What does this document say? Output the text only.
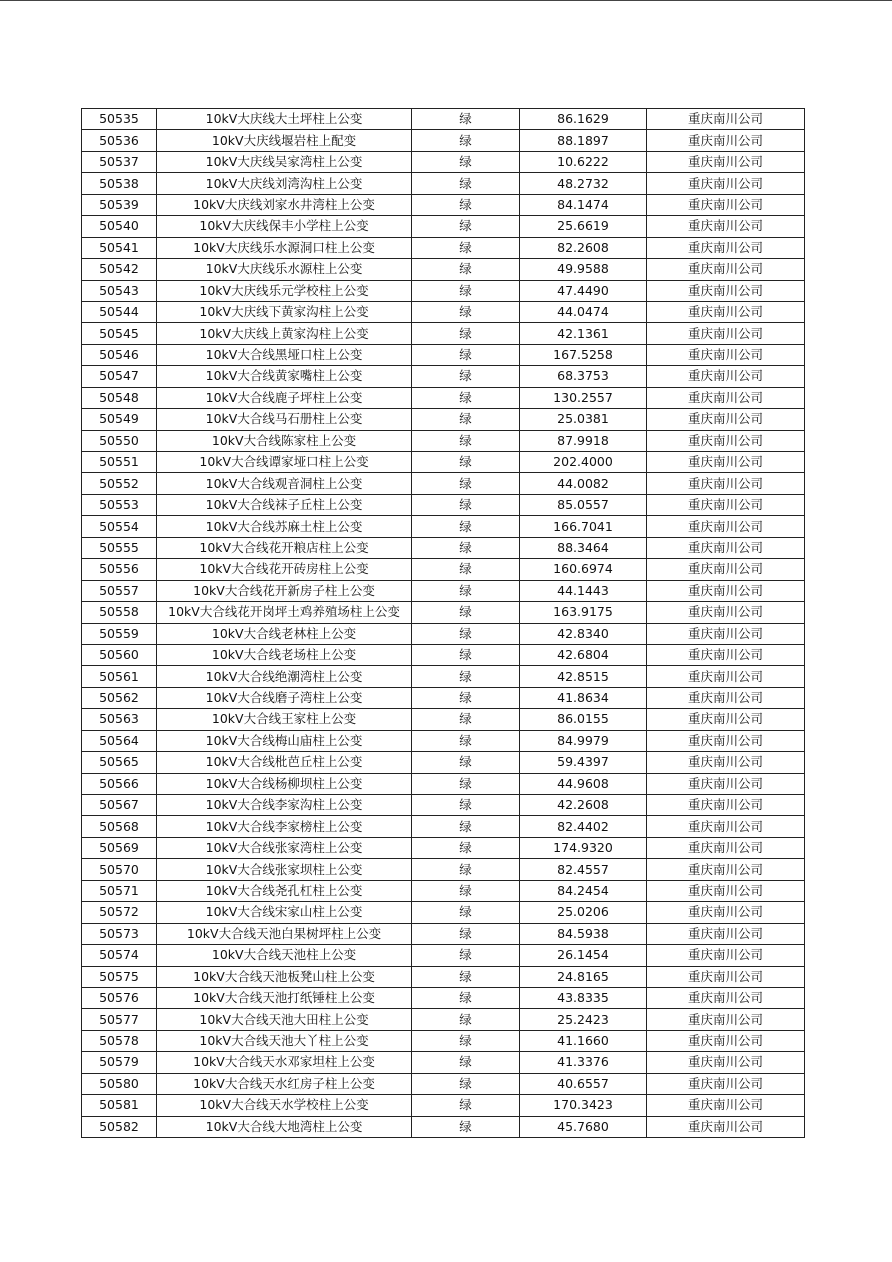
50535	10kV大庆线大土坪柱上公变	绿	86.1629	重庆南川公司
50536	10kV大庆线堰岩柱上配变	绿	88.1897	重庆南川公司
50537	10kV大庆线吴家湾柱上公变	绿	10.6222	重庆南川公司
50538	10kV大庆线刘湾沟柱上公变	绿	48.2732	重庆南川公司
50539	10kV大庆线刘家水井湾柱上公变	绿	84.1474	重庆南川公司
50540	10kV大庆线保丰小学柱上公变	绿	25.6619	重庆南川公司
50541	10kV大庆线乐水源洞口柱上公变	绿	82.2608	重庆南川公司
50542	10kV大庆线乐水源柱上公变	绿	49.9588	重庆南川公司
50543	10kV大庆线乐元学校柱上公变	绿	47.4490	重庆南川公司
50544	10kV大庆线下黄家沟柱上公变	绿	44.0474	重庆南川公司
50545	10kV大庆线上黄家沟柱上公变	绿	42.1361	重庆南川公司
50546	10kV大合线黑垭口柱上公变	绿	167.5258	重庆南川公司
50547	10kV大合线黄家嘴柱上公变	绿	68.3753	重庆南川公司
50548	10kV大合线鹿子坪柱上公变	绿	130.2557	重庆南川公司
50549	10kV大合线马石册柱上公变	绿	25.0381	重庆南川公司
50550	10kV大合线陈家柱上公变	绿	87.9918	重庆南川公司
50551	10kV大合线谭家垭口柱上公变	绿	202.4000	重庆南川公司
50552	10kV大合线观音洞柱上公变	绿	44.0082	重庆南川公司
50553	10kV大合线袜子丘柱上公变	绿	85.0557	重庆南川公司
50554	10kV大合线苏麻土柱上公变	绿	166.7041	重庆南川公司
50555	10kV大合线花开粮店柱上公变	绿	88.3464	重庆南川公司
50556	10kV大合线花开砖房柱上公变	绿	160.6974	重庆南川公司
50557	10kV大合线花开新房子柱上公变	绿	44.1443	重庆南川公司
50558	10kV大合线花开岗坪土鸡养殖场柱上公变	绿	163.9175	重庆南川公司
50559	10kV大合线老林柱上公变	绿	42.8340	重庆南川公司
50560	10kV大合线老场柱上公变	绿	42.6804	重庆南川公司
50561	10kV大合线绝潮湾柱上公变	绿	42.8515	重庆南川公司
50562	10kV大合线磨子湾柱上公变	绿	41.8634	重庆南川公司
50563	10kV大合线王家柱上公变	绿	86.0155	重庆南川公司
50564	10kV大合线梅山庙柱上公变	绿	84.9979	重庆南川公司
50565	10kV大合线枇芭丘柱上公变	绿	59.4397	重庆南川公司
50566	10kV大合线杨柳坝柱上公变	绿	44.9608	重庆南川公司
50567	10kV大合线李家沟柱上公变	绿	42.2608	重庆南川公司
50568	10kV大合线李家榜柱上公变	绿	82.4402	重庆南川公司
50569	10kV大合线张家湾柱上公变	绿	174.9320	重庆南川公司
50570	10kV大合线张家坝柱上公变	绿	82.4557	重庆南川公司
50571	10kV大合线尧孔杠柱上公变	绿	84.2454	重庆南川公司
50572	10kV大合线宋家山柱上公变	绿	25.0206	重庆南川公司
50573	10kV大合线天池白果树坪柱上公变	绿	84.5938	重庆南川公司
50574	10kV大合线天池柱上公变	绿	26.1454	重庆南川公司
50575	10kV大合线天池板凳山柱上公变	绿	24.8165	重庆南川公司
50576	10kV大合线天池打纸锤柱上公变	绿	43.8335	重庆南川公司
50577	10kV大合线天池大田柱上公变	绿	25.2423	重庆南川公司
50578	10kV大合线天池大丫柱上公变	绿	41.1660	重庆南川公司
50579	10kV大合线天水邓家坦柱上公变	绿	41.3376	重庆南川公司
50580	10kV大合线天水红房子柱上公变	绿	40.6557	重庆南川公司
50581	10kV大合线天水学校柱上公变	绿	170.3423	重庆南川公司
50582	10kV大合线大地湾柱上公变	绿	45.7680	重庆南川公司
